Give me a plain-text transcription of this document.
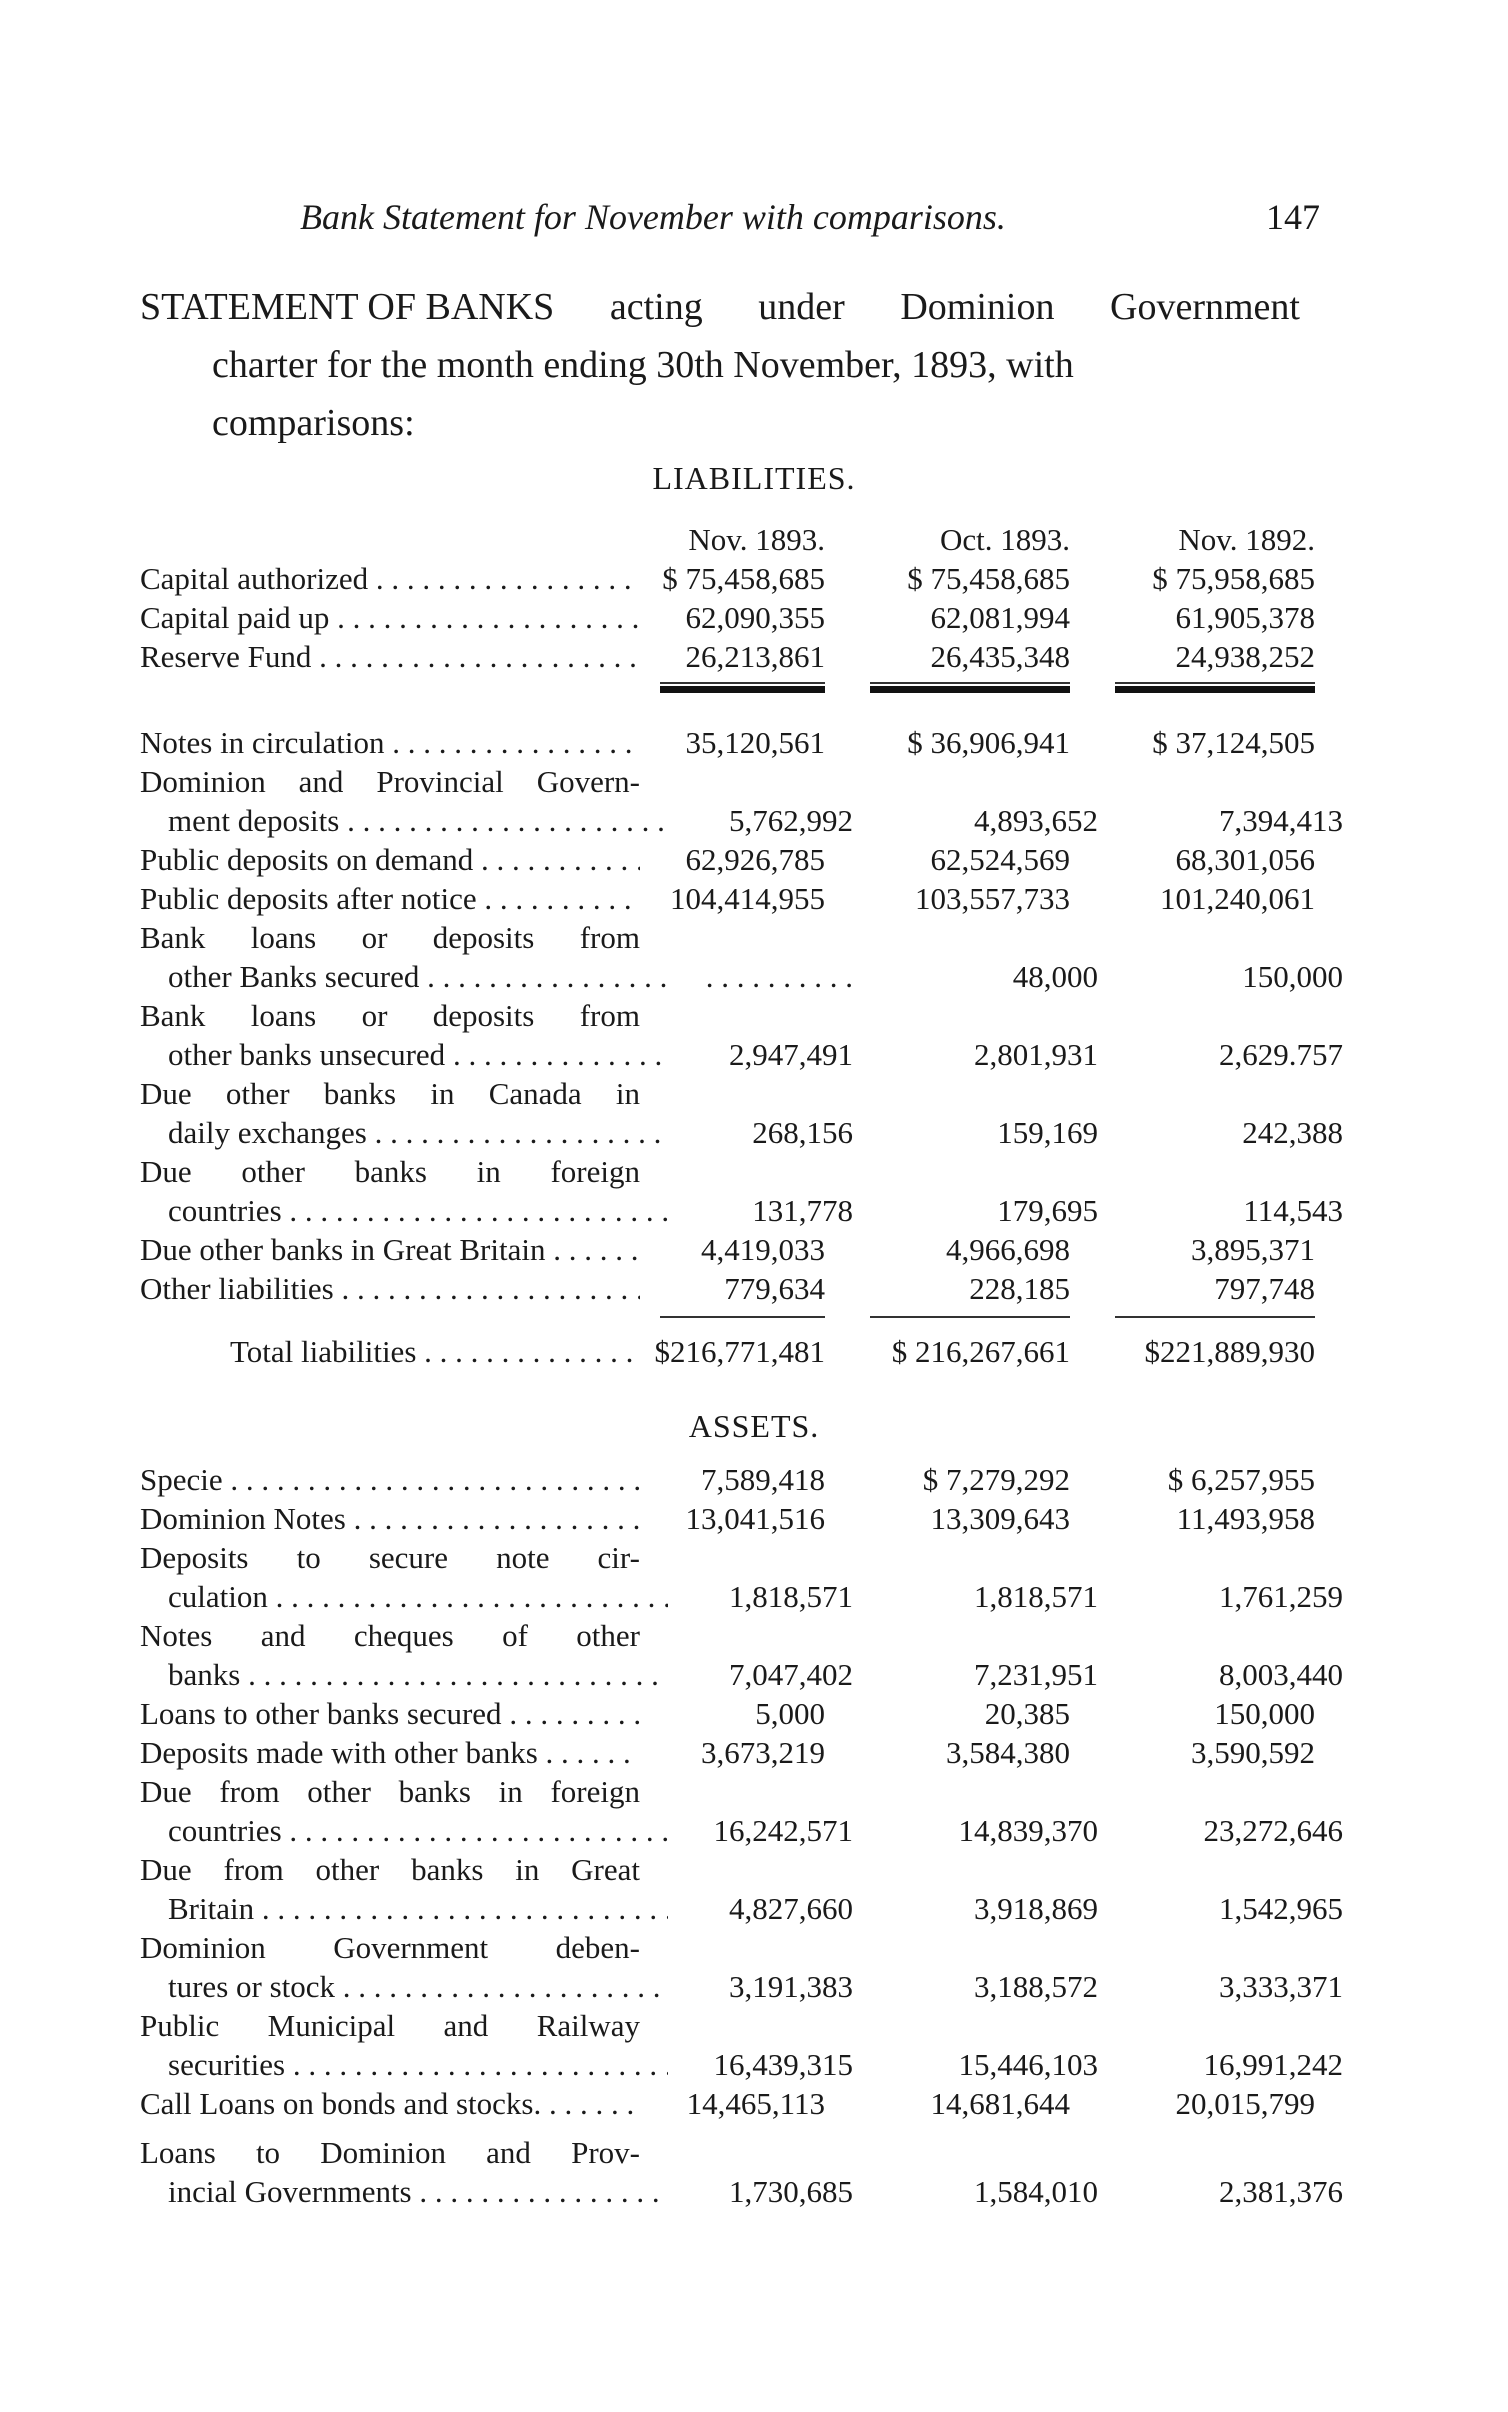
Bank Statement for November with comparisons.	147
STATEMENT OF BANKS acting under Dominion Government
charter for the month ending 30th November, 1893, with
comparisons:
LIABILITIES.
Nov. 1893.	Oct. 1893.	Nov. 1892.
Capital authorized . . .	$ 75,458,685	$ 75,458,685	$ 75,958,685
Capital paid up . . .	62,090,355	62,081,994	61,905,378
Reserve Fund . . .	26,213,861	26,435,348	24,938,252
Notes in circulation . . .	35,120,561	$ 36,906,941	$ 37,124,505
Dominion and Provincial Govern-
ment deposits . . .	5,762,992	4,893,652	7,394,413
Public deposits on demand . . .	62,926,785	62,524,569	68,301,056
Public deposits after notice . . .	104,414,955	103,557,733	101,240,061
Bank loans or deposits from
other Banks secured . . .	. . . . . . . . . .	48,000	150,000
Bank loans or deposits from
other banks unsecured . . .	2,947,491	2,801,931	2,629.757
Due other banks in Canada in
daily exchanges . . .	268,156	159,169	242,388
Due other banks in foreign
countries . . .	131,778	179,695	114,543
Due other banks in Great Britain . . .	4,419,033	4,966,698	3,895,371
Other liabilities . . .	779,634	228,185	797,748
Total liabilities . . .	$216,771,481	$ 216,267,661	$221,889,930
ASSETS.
Specie . . .	7,589,418	$ 7,279,292	$ 6,257,955
Dominion Notes . . .	13,041,516	13,309,643	11,493,958
Deposits to secure note cir-
culation . . .	1,818,571	1,818,571	1,761,259
Notes and cheques of other
banks . . .	7,047,402	7,231,951	8,003,440
Loans to other banks secured . . .	5,000	20,385	150,000
Deposits made with other banks . . .	3,673,219	3,584,380	3,590,592
Due from other banks in foreign
countries . . .	16,242,571	14,839,370	23,272,646
Due from other banks in Great
Britain . . .	4,827,660	3,918,869	1,542,965
Dominion Government deben-
tures or stock . . .	3,191,383	3,188,572	3,333,371
Public Municipal and Railway
securities . . .	16,439,315	15,446,103	16,991,242
Call Loans on bonds and stocks. . . .	14,465,113	14,681,644	20,015,799
Loans to Dominion and Prov-
incial Governments . . .	1,730,685	1,584,010	2,381,376
